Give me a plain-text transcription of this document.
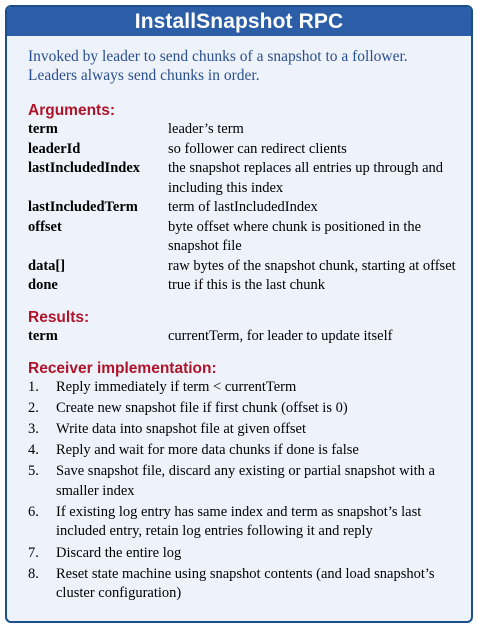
InstallSnapshot RPC
Invoked by leader to send chunks of a snapshot to a follower. Leaders always send chunks in order.
Arguments:
term	leader’s term
leaderId	so follower can redirect clients
lastIncludedIndex	the snapshot replaces all entries up through and including this index
lastIncludedTerm	term of lastIncludedIndex
offset	byte offset where chunk is positioned in the snapshot file
data[]	raw bytes of the snapshot chunk, starting at offset
done	true if this is the last chunk
Results:
term	currentTerm, for leader to update itself
Receiver implementation:
1.	Reply immediately if term < currentTerm
2.	Create new snapshot file if first chunk (offset is 0)
3.	Write data into snapshot file at given offset
4.	Reply and wait for more data chunks if done is false
5.	Save snapshot file, discard any existing or partial snapshot with a smaller index
6.	If existing log entry has same index and term as snapshot’s last included entry, retain log entries following it and reply
7.	Discard the entire log
8.	Reset state machine using snapshot contents (and load snapshot’s cluster configuration)
